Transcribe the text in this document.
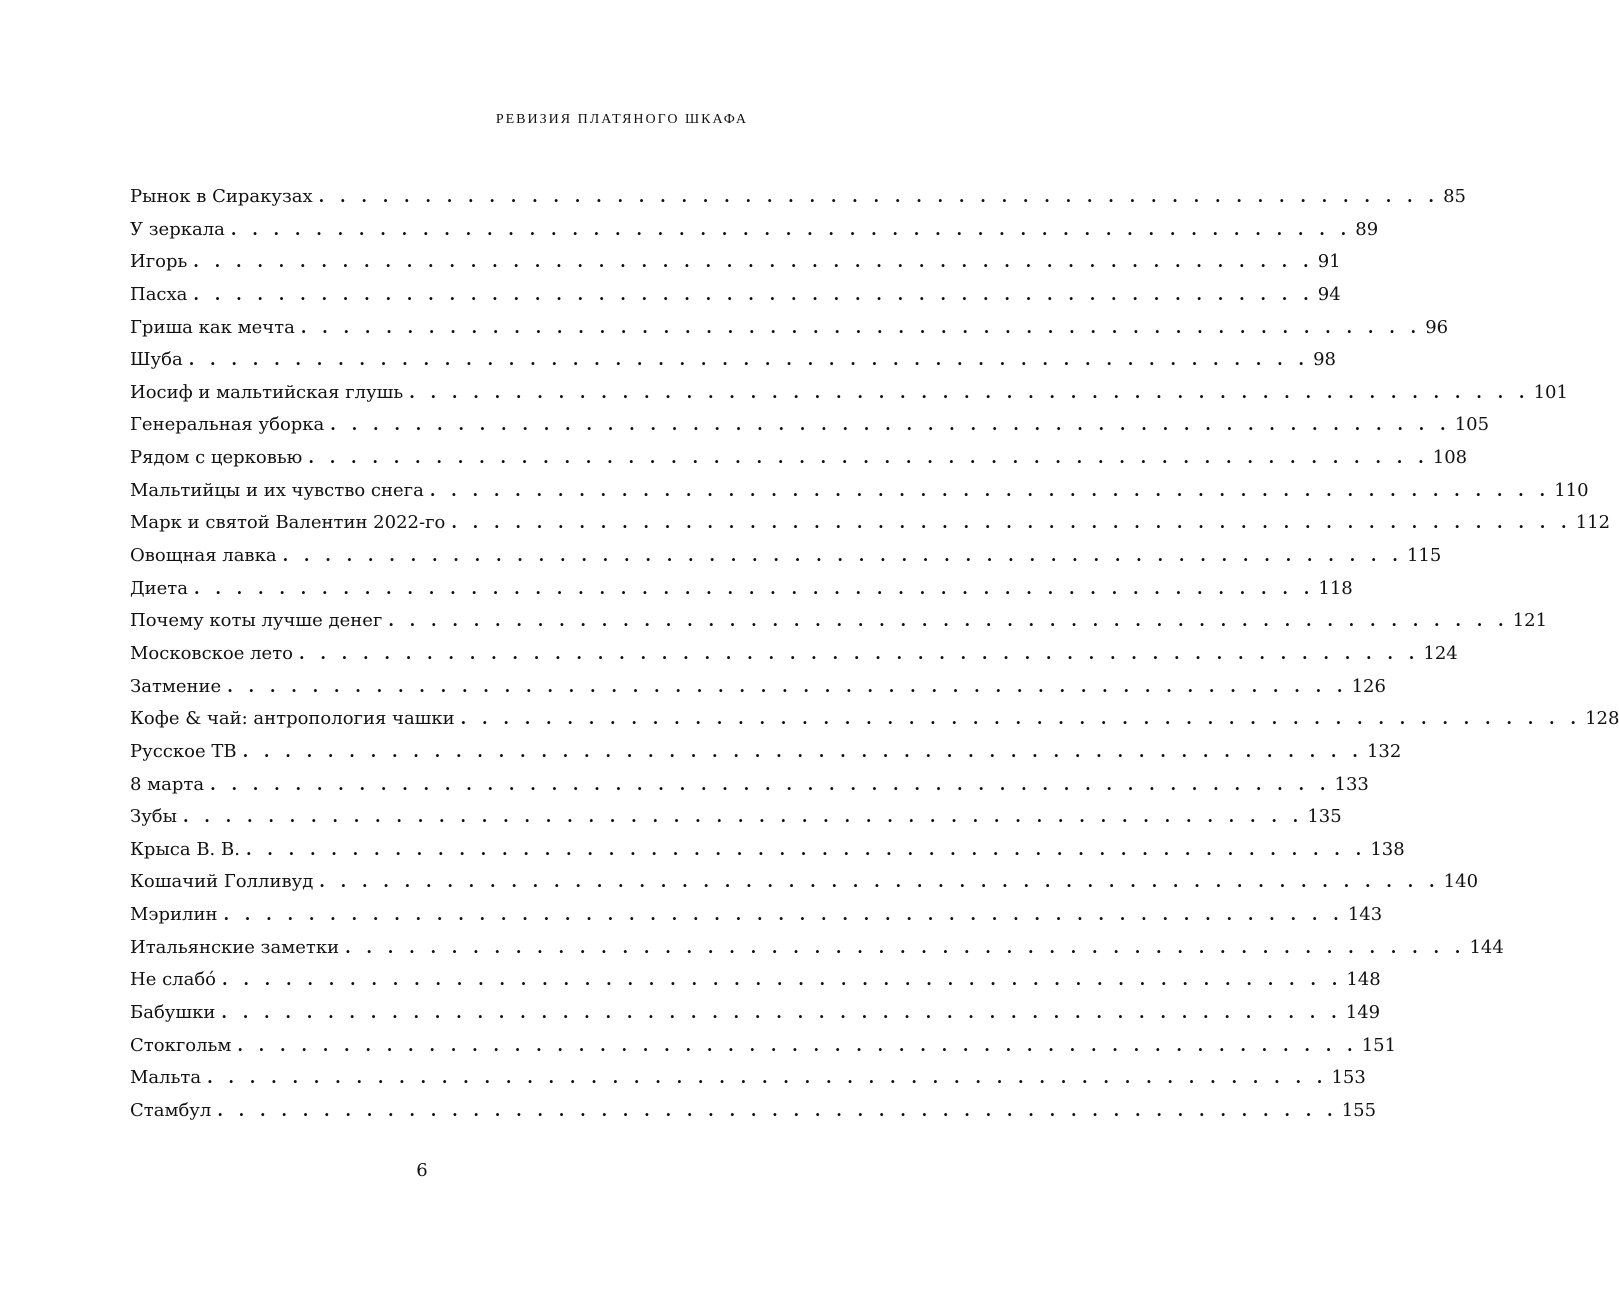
РЕВИЗИЯ ПЛАТЯНОГО ШКАФА
Рынок в Сиракузах . . . . . . . . . . . . . . . . . . . . . . . . . . . . . . . . . . . . . . . . . . . . . . . . . . . . . 85
У зеркала . . . . . . . . . . . . . . . . . . . . . . . . . . . . . . . . . . . . . . . . . . . . . . . . . . . . . 89
Игорь . . . . . . . . . . . . . . . . . . . . . . . . . . . . . . . . . . . . . . . . . . . . . . . . . . . . . 91
Пасха . . . . . . . . . . . . . . . . . . . . . . . . . . . . . . . . . . . . . . . . . . . . . . . . . . . . . 94
Гриша как мечта . . . . . . . . . . . . . . . . . . . . . . . . . . . . . . . . . . . . . . . . . . . . . . . . . . . . . 96
Шуба . . . . . . . . . . . . . . . . . . . . . . . . . . . . . . . . . . . . . . . . . . . . . . . . . . . . . 98
Иосиф и мальтийская глушь . . . . . . . . . . . . . . . . . . . . . . . . . . . . . . . . . . . . . . . . . . . . . . . . . . . . . 101
Генеральная уборка . . . . . . . . . . . . . . . . . . . . . . . . . . . . . . . . . . . . . . . . . . . . . . . . . . . . . 105
Рядом с церковью . . . . . . . . . . . . . . . . . . . . . . . . . . . . . . . . . . . . . . . . . . . . . . . . . . . . . 108
Мальтийцы и их чувство снега . . . . . . . . . . . . . . . . . . . . . . . . . . . . . . . . . . . . . . . . . . . . . . . . . . . . . 110
Марк и святой Валентин 2022-го . . . . . . . . . . . . . . . . . . . . . . . . . . . . . . . . . . . . . . . . . . . . . . . . . . . . . 112
Овощная лавка . . . . . . . . . . . . . . . . . . . . . . . . . . . . . . . . . . . . . . . . . . . . . . . . . . . . . 115
Диета . . . . . . . . . . . . . . . . . . . . . . . . . . . . . . . . . . . . . . . . . . . . . . . . . . . . . 118
Почему коты лучше денег . . . . . . . . . . . . . . . . . . . . . . . . . . . . . . . . . . . . . . . . . . . . . . . . . . . . . 121
Московское лето . . . . . . . . . . . . . . . . . . . . . . . . . . . . . . . . . . . . . . . . . . . . . . . . . . . . . 124
Затмение . . . . . . . . . . . . . . . . . . . . . . . . . . . . . . . . . . . . . . . . . . . . . . . . . . . . . 126
Кофе & чай: антропология чашки . . . . . . . . . . . . . . . . . . . . . . . . . . . . . . . . . . . . . . . . . . . . . . . . . . . . . 128
Русское ТВ . . . . . . . . . . . . . . . . . . . . . . . . . . . . . . . . . . . . . . . . . . . . . . . . . . . . . 132
8 марта . . . . . . . . . . . . . . . . . . . . . . . . . . . . . . . . . . . . . . . . . . . . . . . . . . . . . 133
Зубы . . . . . . . . . . . . . . . . . . . . . . . . . . . . . . . . . . . . . . . . . . . . . . . . . . . . . 135
Крыса В. В. . . . . . . . . . . . . . . . . . . . . . . . . . . . . . . . . . . . . . . . . . . . . . . . . . . . . . 138
Кошачий Голливуд . . . . . . . . . . . . . . . . . . . . . . . . . . . . . . . . . . . . . . . . . . . . . . . . . . . . . 140
Мэрилин . . . . . . . . . . . . . . . . . . . . . . . . . . . . . . . . . . . . . . . . . . . . . . . . . . . . . 143
Итальянские заметки . . . . . . . . . . . . . . . . . . . . . . . . . . . . . . . . . . . . . . . . . . . . . . . . . . . . . 144
Не слабо́ . . . . . . . . . . . . . . . . . . . . . . . . . . . . . . . . . . . . . . . . . . . . . . . . . . . . . 148
Бабушки . . . . . . . . . . . . . . . . . . . . . . . . . . . . . . . . . . . . . . . . . . . . . . . . . . . . . 149
Стокгольм . . . . . . . . . . . . . . . . . . . . . . . . . . . . . . . . . . . . . . . . . . . . . . . . . . . . . 151
Мальта . . . . . . . . . . . . . . . . . . . . . . . . . . . . . . . . . . . . . . . . . . . . . . . . . . . . . 153
Стамбул . . . . . . . . . . . . . . . . . . . . . . . . . . . . . . . . . . . . . . . . . . . . . . . . . . . . . 155
6
